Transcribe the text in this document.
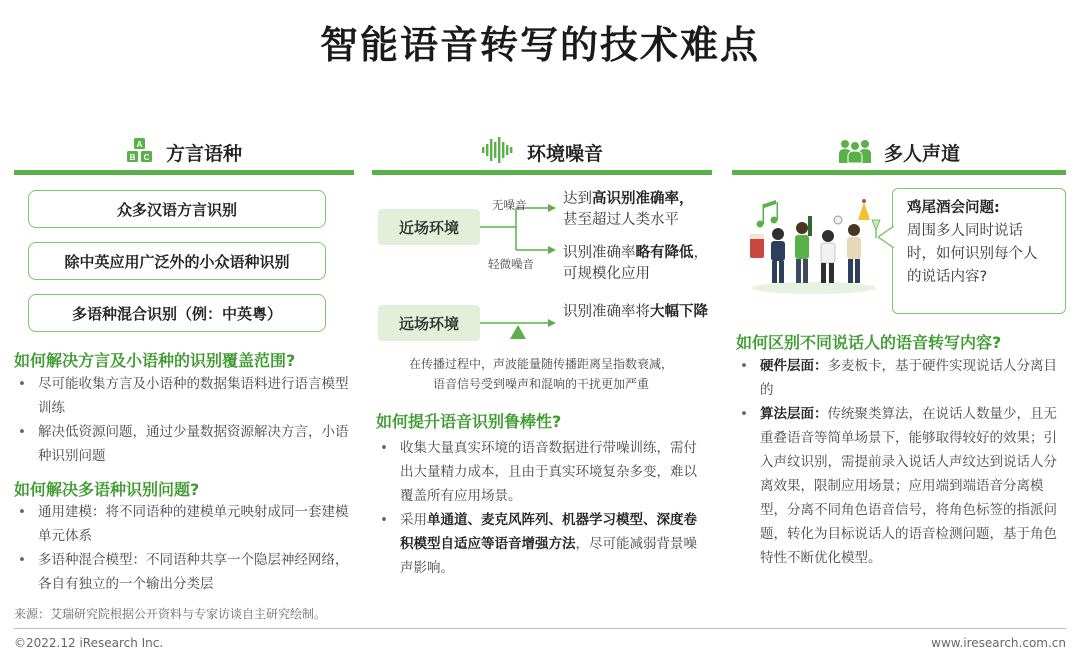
智能语音转写的技术难点
A
B C 方言语种
众多汉语方言识别
除中英应用广泛外的小众语种识别
多语种混合识别（例：中英粤）
如何解决方言及小语种的识别覆盖范围?
• 尽可能收集方言及小语种的数据集语料进行语言模型训练
• 解决低资源问题，通过少量数据资源解决方言，小语种识别问题
如何解决多语种识别问题?
• 通用建模：将不同语种的建模单元映射成同一套建模单元体系
• 多语种混合模型：不同语种共享一个隐层神经网络，各自有独立的一个输出分类层
环境噪音
近场环境
远场环境
无噪音
轻微噪音
达到高识别准确率，
甚至超过人类水平
识别准确率略有降低，可规模化应用
识别准确率将大幅下降
在传播过程中，声波能量随传播距离呈指数衰减，
语音信号受到噪声和混响的干扰更加严重
如何提升语音识别鲁棒性?
• 收集大量真实环境的语音数据进行带噪训练，需付出大量精力成本，且由于真实环境复杂多变，难以覆盖所有应用场景。
• 采用单通道、麦克风阵列、机器学习模型、深度卷积模型自适应等语音增强方法，尽可能减弱背景噪声影响。
多人声道
鸡尾酒会问题:
周围多人同时说话时，如何识别每个人的说话内容?
如何区别不同说话人的语音转写内容?
• 硬件层面：多麦板卡，基于硬件实现说话人分离目的
• 算法层面：传统聚类算法，在说话人数量少，且无重叠语音等简单场景下，能够取得较好的效果；引入声纹识别，需提前录入说话人声纹达到说话人分离效果，限制应用场景；应用端到端语音分离模型，分离不同角色语音信号，将角色标签的指派问题，转化为目标说话人的语音检测问题，基于角色特性不断优化模型。
来源：艾瑞研究院根据公开资料与专家访谈自主研究绘制。
©2022.12 iResearch Inc.	www.iresearch.com.cn
